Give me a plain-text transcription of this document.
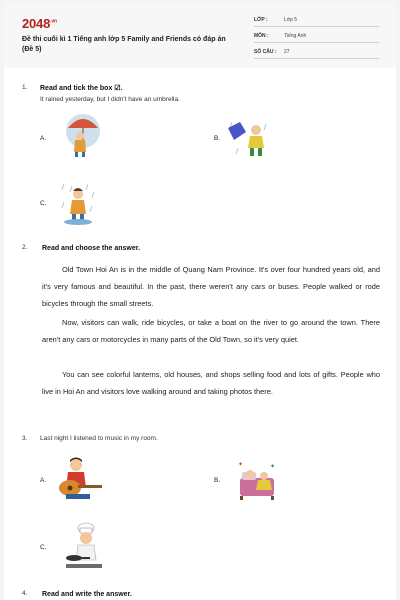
$2048^{.vn}$
Đề thi cuối kì 1 Tiếng anh lớp 5 Family and Friends có đáp án (Đề 5)
LỚP :	Lớp 5
MÔN :	Tiếng Anh
SỐ CÂU : 27
1. Read and tick the box ☑.
It rained yesterday, but I didn't have an umbrella.
A.	B.
C.
2. Read and choose the answer.

Old Town Hoi An is in the middle of Quang Nam Province. It's over four hundred years old, and it's very famous and beautiful. In the past, there weren't any cars or buses. People walked or rode bicycles through the small streets.

Now, visitors can walk, ride bicycles, or take a boat on the river to go around the town. There aren't any cars or motorcycles in many parts of the Old Town, so it's very quiet.

You can see colorful lanterns, old houses, and shops selling food and lots of gifts. People who live in Hoi An and visitors love walking around and taking photos there.

3. Last night I listened to music in my room.
A.	B.
✦	✦
C.
4. Read and write the answer.
